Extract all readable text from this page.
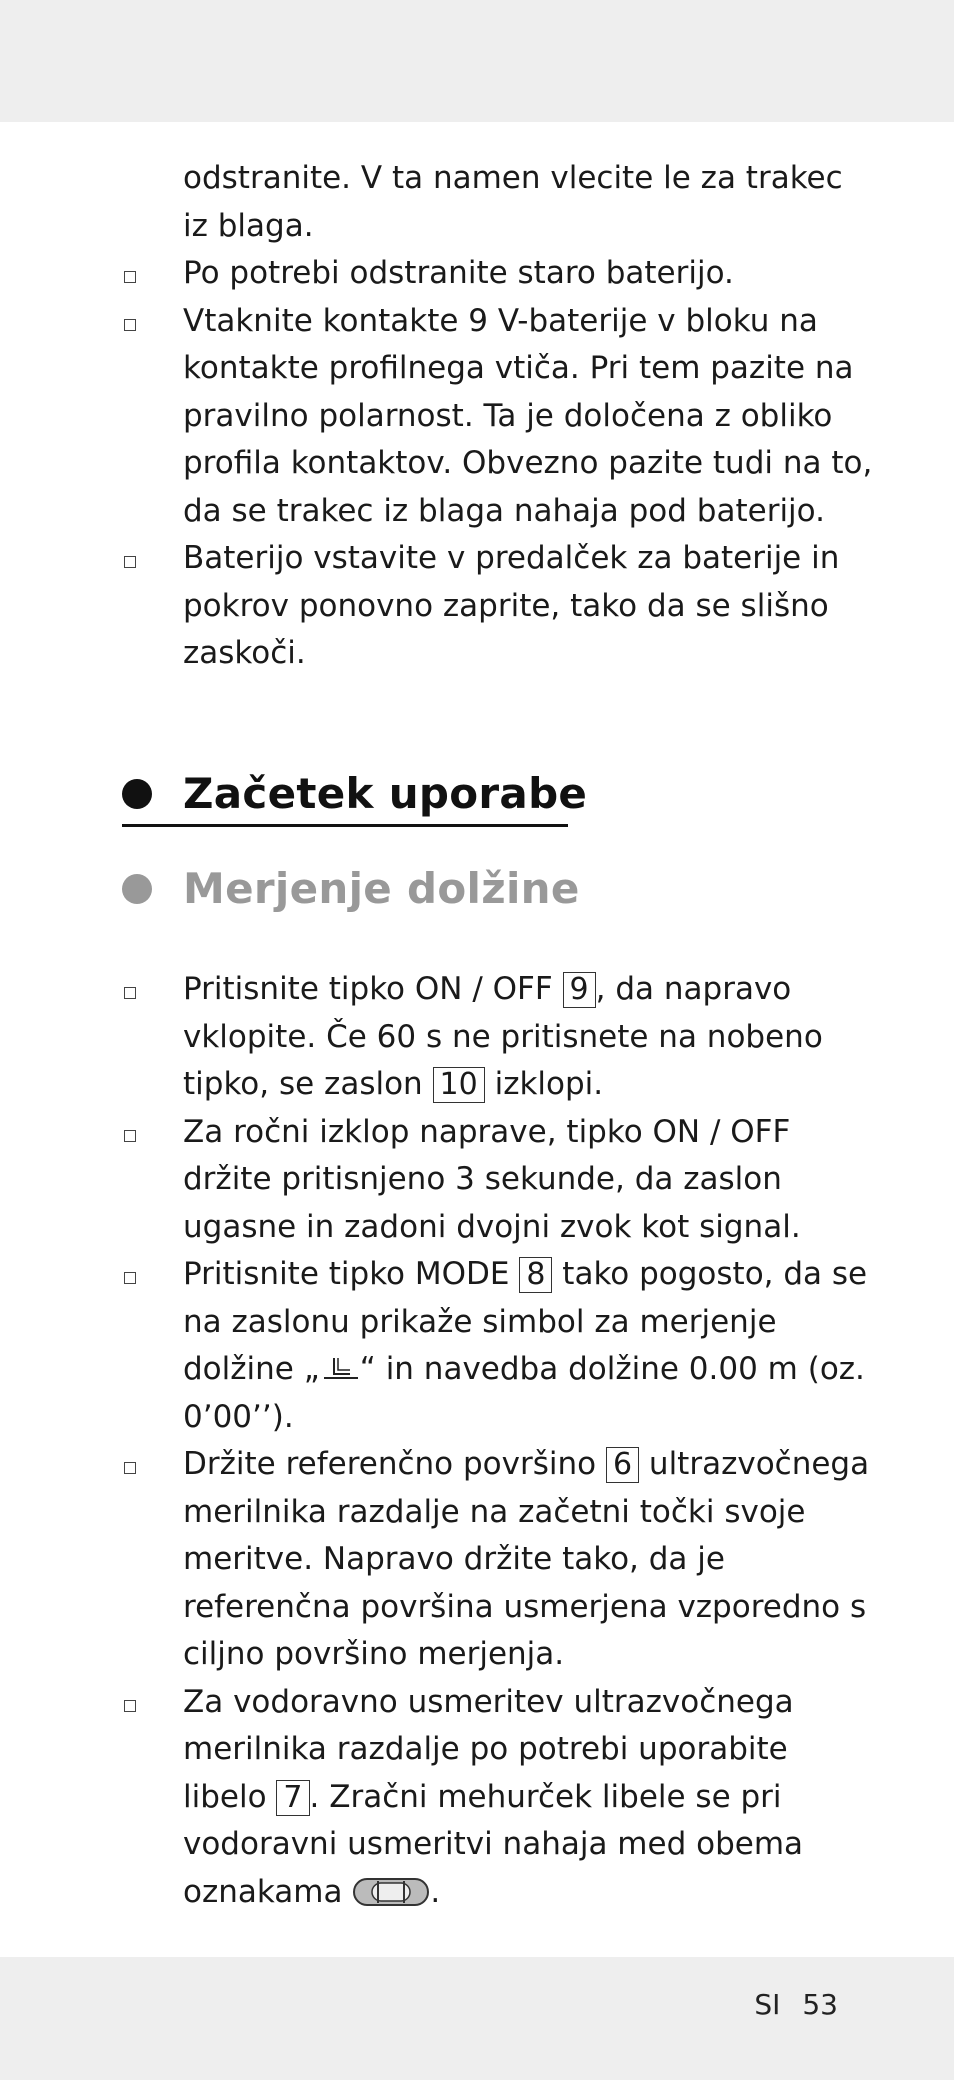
odstranite. V ta namen vlecite le za trakec iz blaga.
Po potrebi odstranite staro baterijo.
Vtaknite kontakte 9 V-baterije v bloku na kontakte profilnega vtiča. Pri tem pazite na pravilno polarnost. Ta je določena z obliko profila kontaktov. Obvezno pazite tudi na to, da se trakec iz blaga nahaja pod baterijo.
Baterijo vstavite v predalček za baterije in pokrov ponovno zaprite, tako da se slišno zaskoči.
Začetek uporabe
Merjenje dolžine
Pritisnite tipko ON / OFF 9 , da napravo vklopite. Če 60 s ne pritisnete na nobeno tipko, se zaslon 10 izklopi.
Za ročni izklop naprave, tipko ON / OFF držite pritisnjeno 3 sekunde, da zaslon ugasne in zadoni dvojni zvok kot signal.
Pritisnite tipko MODE 8 tako pogosto, da se na zaslonu prikaže simbol za merjenje dolžine „ “ in navedba dolžine 0.00 m (oz. 0’00’’).
Držite referenčno površino 6 ultrazvočnega merilnika razdalje na začetni točki svoje meritve. Napravo držite tako, da je referenčna površina usmerjena vzporedno s ciljno površino merjenja.
Za vodoravno usmeritev ultrazvočnega merilnika razdalje po potrebi uporabite libelo 7 . Zračni mehurček libele se pri vodoravni usmeritvi nahaja med obema oznakama	.
SI 53
